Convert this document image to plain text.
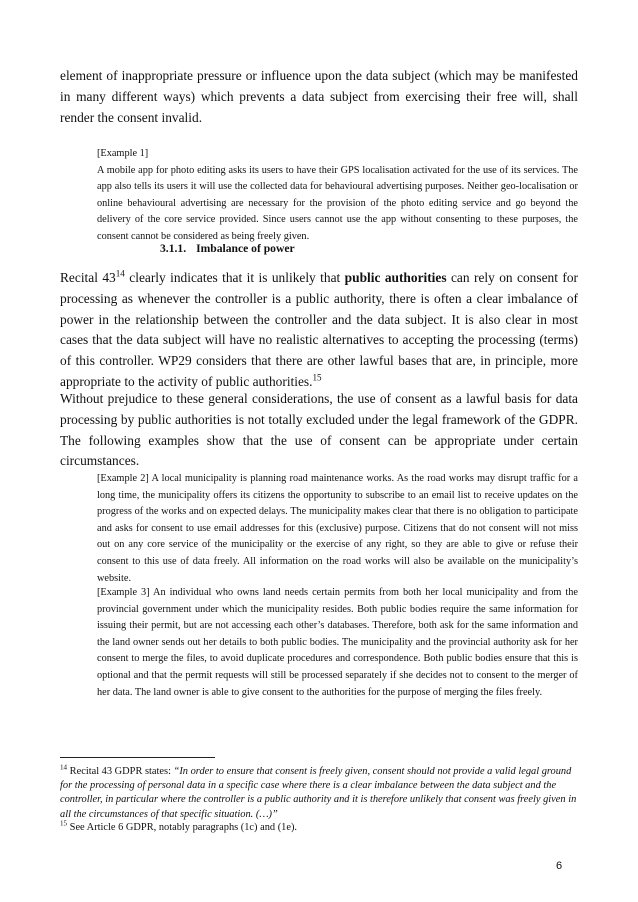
element of inappropriate pressure or influence upon the data subject (which may be manifested in many different ways) which prevents a data subject from exercising their free will, shall render the consent invalid.

[Example 1]
A mobile app for photo editing asks its users to have their GPS localisation activated for the use of its services. The app also tells its users it will use the collected data for behavioural advertising purposes. Neither geo-localisation or online behavioural advertising are necessary for the provision of the photo editing service and go beyond the delivery of the core service provided. Since users cannot use the app without consenting to these purposes, the consent cannot be considered as being freely given.

3.1.1. Imbalance of power

Recital $43^{14}$ clearly indicates that it is unlikely that public authorities can rely on consent for processing as whenever the controller is a public authority, there is often a clear imbalance of power in the relationship between the controller and the data subject. It is also clear in most cases that the data subject will have no realistic alternatives to accepting the processing (terms) of this controller. WP29 considers that there are other lawful bases that are, in principle, more appropriate to the activity of public authorities.$^{15}$

Without prejudice to these general considerations, the use of consent as a lawful basis for data processing by public authorities is not totally excluded under the legal framework of the GDPR. The following examples show that the use of consent can be appropriate under certain circumstances.

[Example 2] A local municipality is planning road maintenance works. As the road works may disrupt traffic for a long time, the municipality offers its citizens the opportunity to subscribe to an email list to receive updates on the progress of the works and on expected delays. The municipality makes clear that there is no obligation to participate and asks for consent to use email addresses for this (exclusive) purpose. Citizens that do not consent will not miss out on any core service of the municipality or the exercise of any right, so they are able to give or refuse their consent to this use of data freely. All information on the road works will also be available on the municipality’s website.

[Example 3] An individual who owns land needs certain permits from both her local municipality and from the provincial government under which the municipality resides. Both public bodies require the same information for issuing their permit, but are not accessing each other’s databases. Therefore, both ask for the same information and the land owner sends out her details to both public bodies. The municipality and the provincial authority ask for her consent to merge the files, to avoid duplicate procedures and correspondence. Both public bodies ensure that this is optional and that the permit requests will still be processed separately if she decides not to consent to the merger of her data. The land owner is able to give consent to the authorities for the purpose of merging the files freely.

$^{14}$ Recital 43 GDPR states: “In order to ensure that consent is freely given, consent should not provide a valid legal ground for the processing of personal data in a specific case where there is a clear imbalance between the data subject and the controller, in particular where the controller is a public authority and it is therefore unlikely that consent was freely given in all the circumstances of that specific situation. (…)”

$^{15}$ See Article 6 GDPR, notably paragraphs (1c) and (1e).

6
